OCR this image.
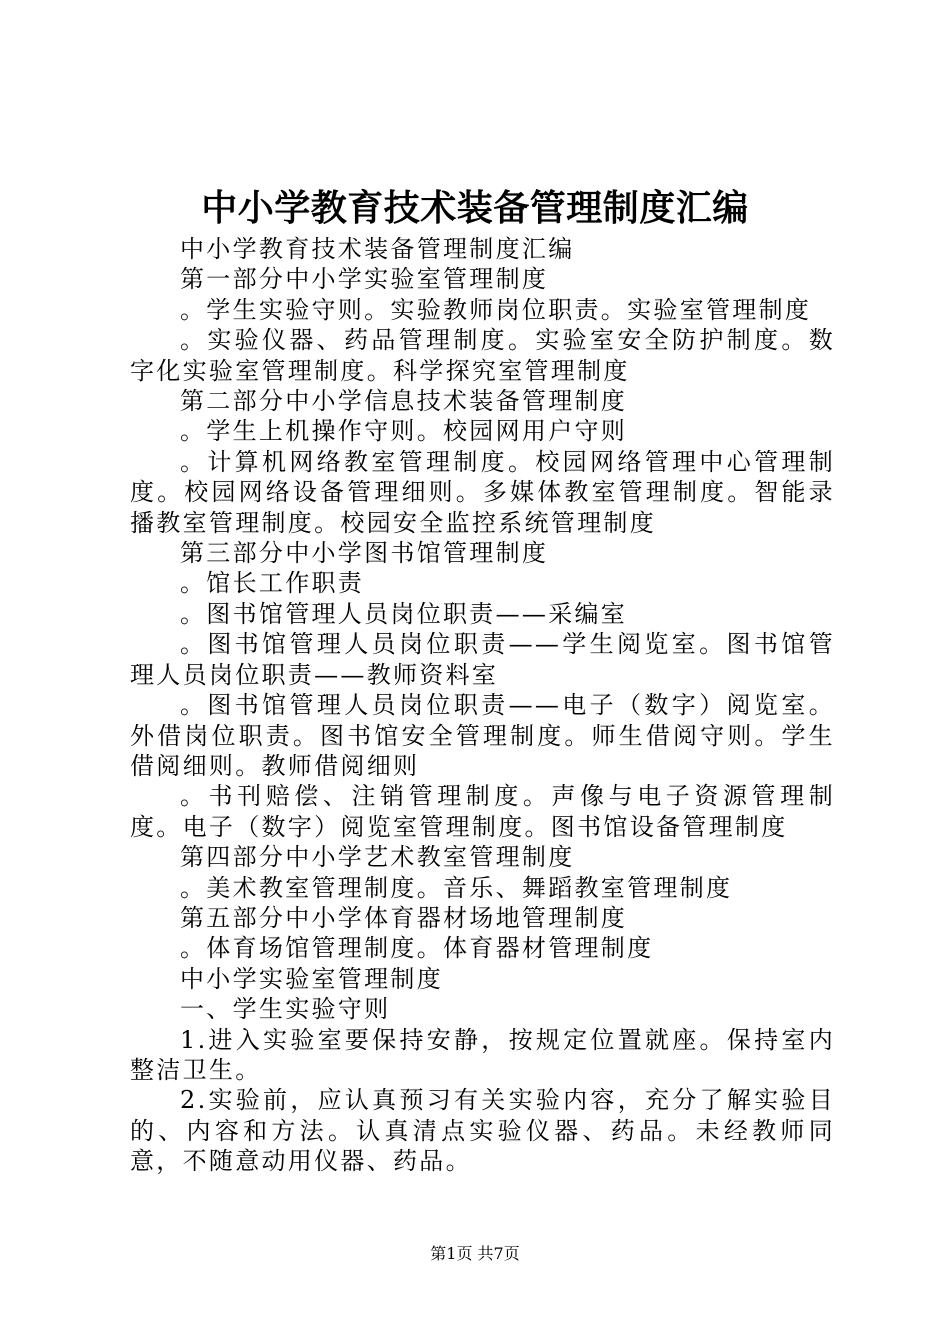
中小学教育技术装备管理制度汇编

中小学教育技术装备管理制度汇编

第一部分中小学实验室管理制度

。学生实验守则。实验教师岗位职责。实验室管理制度

。实验仪器、药品管理制度。实验室安全防护制度。数字化实验室管理制度。科学探究室管理制度

第二部分中小学信息技术装备管理制度

。学生上机操作守则。校园网用户守则

。计算机网络教室管理制度。校园网络管理中心管理制度。校园网络设备管理细则。多媒体教室管理制度。智能录播教室管理制度。校园安全监控系统管理制度

第三部分中小学图书馆管理制度

。馆长工作职责

。图书馆管理人员岗位职责——采编室

。图书馆管理人员岗位职责——学生阅览室。图书馆管理人员岗位职责——教师资料室

。图书馆管理人员岗位职责——电子（数字）阅览室。外借岗位职责。图书馆安全管理制度。师生借阅守则。学生借阅细则。教师借阅细则

。书刊赔偿、注销管理制度。声像与电子资源管理制度。电子（数字）阅览室管理制度。图书馆设备管理制度

第四部分中小学艺术教室管理制度

。美术教室管理制度。音乐、舞蹈教室管理制度

第五部分中小学体育器材场地管理制度

。体育场馆管理制度。体育器材管理制度

中小学实验室管理制度

一、学生实验守则

1.进入实验室要保持安静，按规定位置就座。保持室内整洁卫生。

2.实验前，应认真预习有关实验内容，充分了解实验目的、内容和方法。认真清点实验仪器、药品。未经教师同意，不随意动用仪器、药品。

第1页 共7页
